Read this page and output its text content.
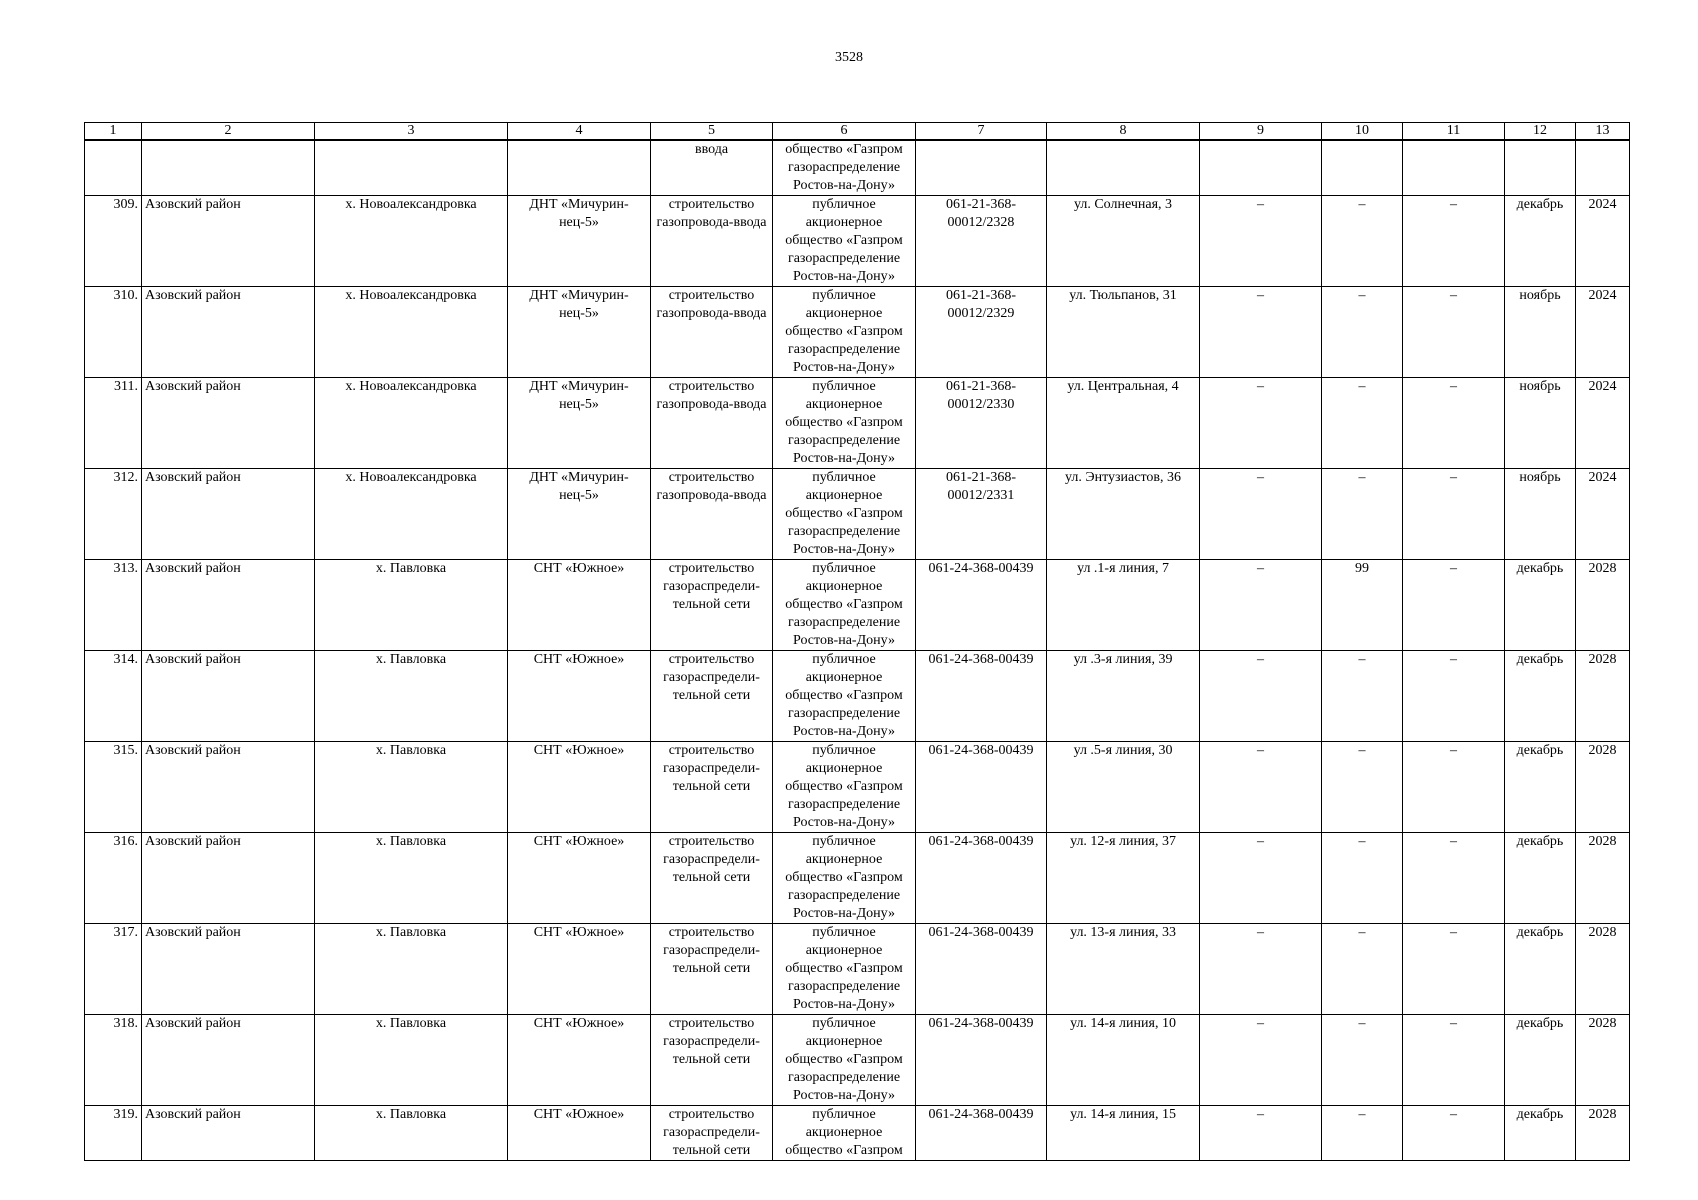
3528
1	2	3	4	5	6	7	8	9	10	11	12	13
				ввода	общество «Газпром газораспределение Ростов-на-Дону»							
309.	Азовский район	х. Новоалександровка	ДНТ «Мичурин-нец-5»	строительство газопровода-ввода	публичное акционерное общество «Газпром газораспределение Ростов-на-Дону»	061-21-368-00012/2328	ул. Солнечная, 3	–	–	–	декабрь	2024
310.	Азовский район	х. Новоалександровка	ДНТ «Мичурин-нец-5»	строительство газопровода-ввода	публичное акционерное общество «Газпром газораспределение Ростов-на-Дону»	061-21-368-00012/2329	ул. Тюльпанов, 31	–	–	–	ноябрь	2024
311.	Азовский район	х. Новоалександровка	ДНТ «Мичурин-нец-5»	строительство газопровода-ввода	публичное акционерное общество «Газпром газораспределение Ростов-на-Дону»	061-21-368-00012/2330	ул. Центральная, 4	–	–	–	ноябрь	2024
312.	Азовский район	х. Новоалександровка	ДНТ «Мичурин-нец-5»	строительство газопровода-ввода	публичное акционерное общество «Газпром газораспределение Ростов-на-Дону»	061-21-368-00012/2331	ул. Энтузиастов, 36	–	–	–	ноябрь	2024
313.	Азовский район	х. Павловка	СНТ «Южное»	строительство газораспредели-тельной сети	публичное акционерное общество «Газпром газораспределение Ростов-на-Дону»	061-24-368-00439	ул .1-я линия, 7	–	99	–	декабрь	2028
314.	Азовский район	х. Павловка	СНТ «Южное»	строительство газораспредели-тельной сети	публичное акционерное общество «Газпром газораспределение Ростов-на-Дону»	061-24-368-00439	ул .3-я линия, 39	–	–	–	декабрь	2028
315.	Азовский район	х. Павловка	СНТ «Южное»	строительство газораспредели-тельной сети	публичное акционерное общество «Газпром газораспределение Ростов-на-Дону»	061-24-368-00439	ул .5-я линия, 30	–	–	–	декабрь	2028
316.	Азовский район	х. Павловка	СНТ «Южное»	строительство газораспредели-тельной сети	публичное акционерное общество «Газпром газораспределение Ростов-на-Дону»	061-24-368-00439	ул. 12-я линия, 37	–	–	–	декабрь	2028
317.	Азовский район	х. Павловка	СНТ «Южное»	строительство газораспредели-тельной сети	публичное акционерное общество «Газпром газораспределение Ростов-на-Дону»	061-24-368-00439	ул. 13-я линия, 33	–	–	–	декабрь	2028
318.	Азовский район	х. Павловка	СНТ «Южное»	строительство газораспредели-тельной сети	публичное акционерное общество «Газпром газораспределение Ростов-на-Дону»	061-24-368-00439	ул. 14-я линия, 10	–	–	–	декабрь	2028
319.	Азовский район	х. Павловка	СНТ «Южное»	строительство газораспредели-тельной сети	публичное акционерное общество «Газпром	061-24-368-00439	ул. 14-я линия, 15	–	–	–	декабрь	2028
